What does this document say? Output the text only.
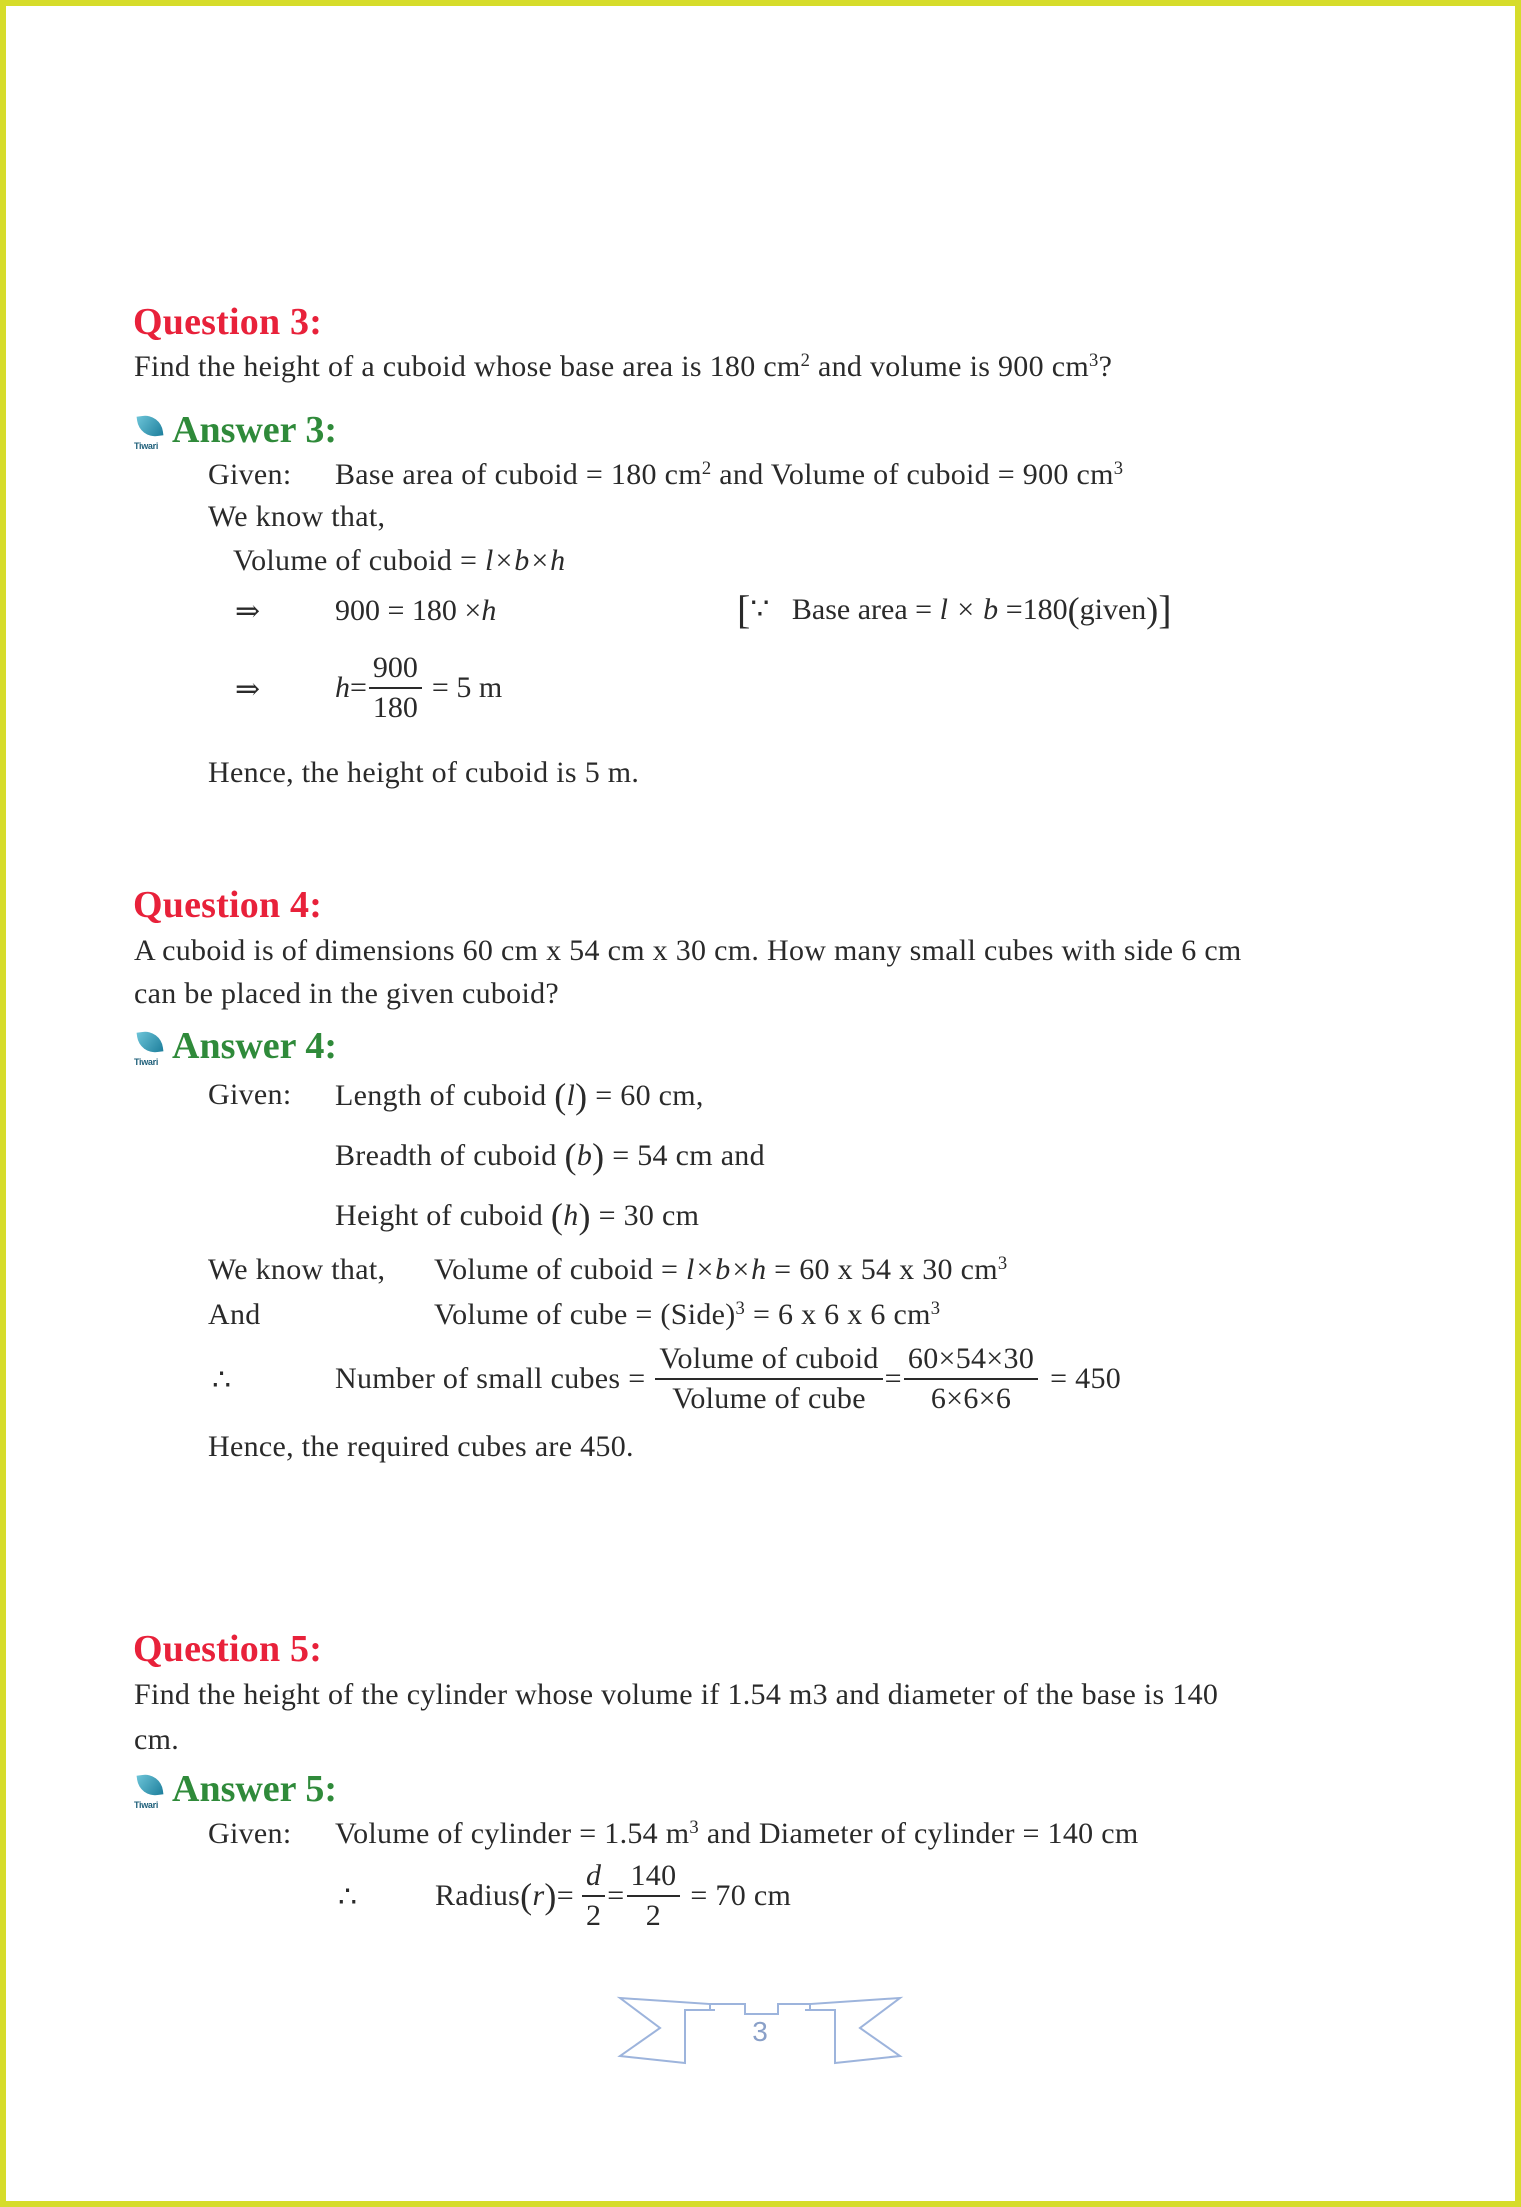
Question 3:
Find the height of a cuboid whose base area is 180 $cm^2$ and volume is 900 $cm^3$?
Tiwari Answer 3:
Given: Base area of cuboid = 180 $cm^2$ and Volume of cuboid = 900 $cm^3$
We know that,
Volume of cuboid = l×b×h
⇒ 900 = 180 ×h	[∵ Base area = l × b =180(given)]
⇒ $h = \frac{900}{180} = 5$ m
Hence, the height of cuboid is 5 m.
Question 4:
A cuboid is of dimensions 60 cm x 54 cm x 30 cm. How many small cubes with side 6 cm
can be placed in the given cuboid?
Tiwari Answer 4:
Given: Length of cuboid (l) = 60 cm,
Breadth of cuboid (b) = 54 cm and
Height of cuboid (h) = 30 cm
We know that, Volume of cuboid = l×b×h = 60 x 54 x 30 $cm^3$
And	Volume of cube = (Side)$^3$ = 6 x 6 x 6 $cm^3$
∴	Number of small cubes = $\frac{\text{Volume of cuboid}}{\text{Volume of cube}} = \frac{60\times 54\times 30}{6\times 6\times 6} = 450$
Hence, the required cubes are 450.
Question 5:
Find the height of the cylinder whose volume if 1.54 m3 and diameter of the base is 140
cm.
Tiwari Answer 5:
Given: Volume of cylinder = 1.54 $m^3$ and Diameter of cylinder = 140 cm
∴	Radius ( r ) = $\frac{d}{2} = \frac{140}{2} = 70$ cm
3
